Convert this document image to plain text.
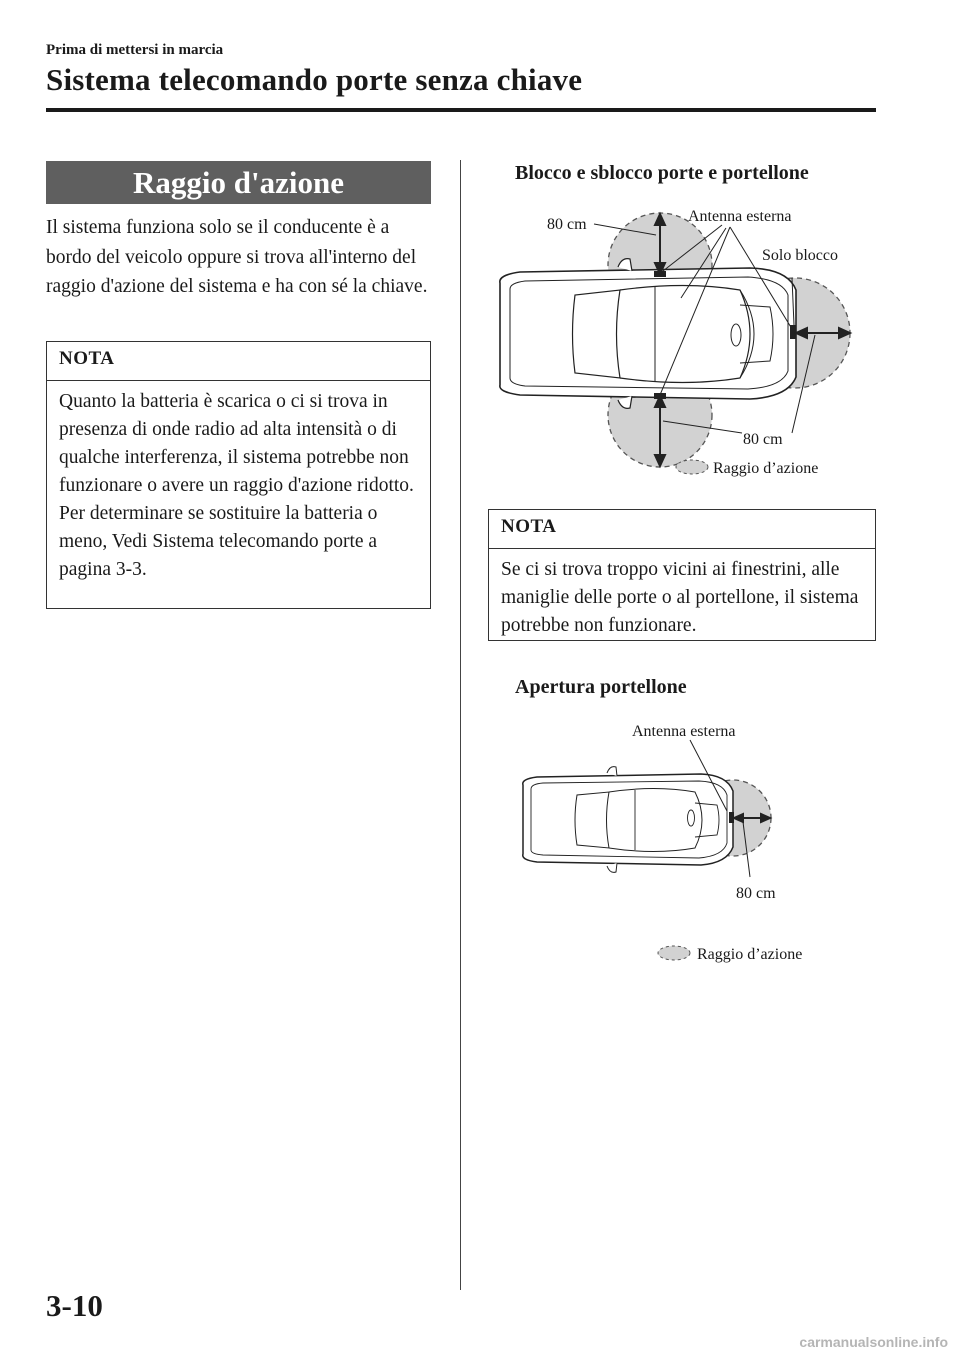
Prima di mettersi in marcia
Sistema telecomando porte senza chiave
Raggio d'azione
Il sistema funziona solo se il conducente è a bordo del veicolo oppure si trova all'interno del raggio d'azione del sistema e ha con sé la chiave.
NOTA
Quanto la batteria è scarica o ci si trova in presenza di onde radio ad alta intensità o di qualche interferenza, il sistema potrebbe non funzionare o avere un raggio d'azione ridotto. Per determinare se sostituire la batteria o meno, Vedi Sistema telecomando porte a pagina 3-3.
Blocco e sblocco porte e portellone
80 cm	Antenna esterna
Solo blocco
80 cm
Raggio d’azione
NOTA
Se ci si trova troppo vicini ai finestrini, alle maniglie delle porte o al portellone, il sistema potrebbe non funzionare.
Apertura portellone
Antenna esterna
80 cm
Raggio d’azione
3-10
carmanualsonline.info
